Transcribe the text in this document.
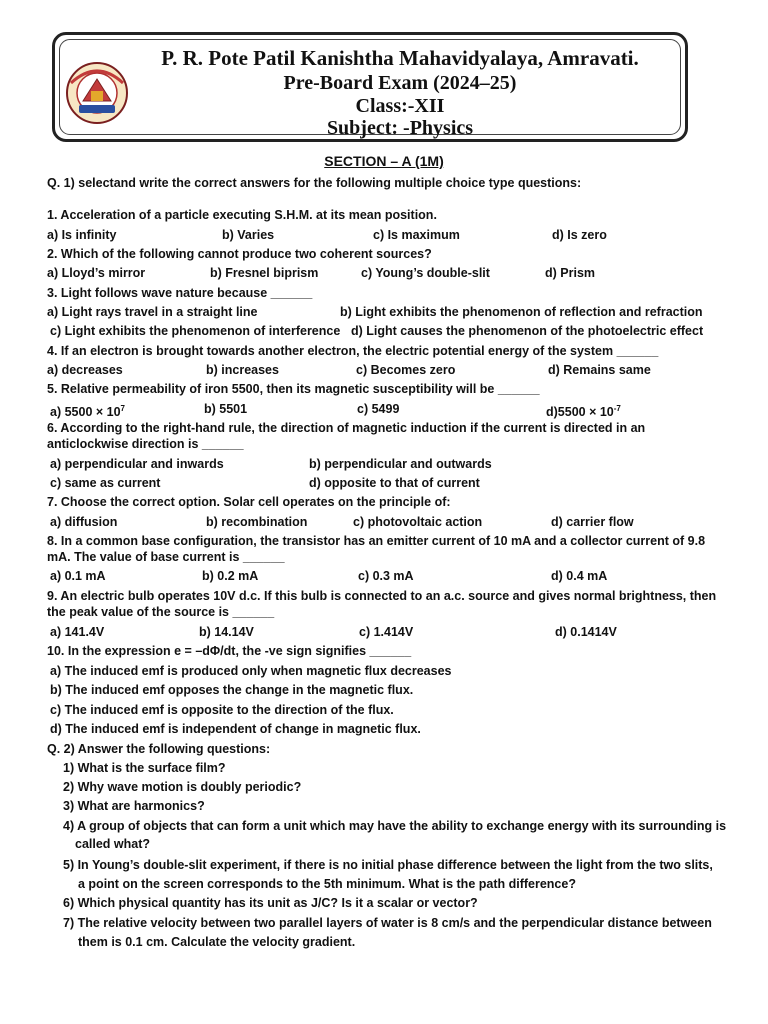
P. R. Pote Patil Kanishtha Mahavidyalaya, Amravati.
Pre-Board Exam (2024–25)
Class:-XII
Subject: -Physics
SECTION – A (1M)
Q. 1) selectand write the correct answers for the following multiple choice type questions:
1. Acceleration of a particle executing S.H.M. at its mean position.
a) Is infinity	b) Varies	c) Is maximum	d) Is zero
2. Which of the following cannot produce two coherent sources?
a) Lloyd’s mirror	b) Fresnel biprism	c) Young’s double-slit	d) Prism
3. Light follows wave nature because ______
a) Light rays travel in a straight line	b) Light exhibits the phenomenon of reflection and refraction
c) Light exhibits the phenomenon of interference d) Light causes the phenomenon of the photoelectric effect
4. If an electron is brought towards another electron, the electric potential energy of the system ______
a) decreases	b) increases	c) Becomes zero	d) Remains same
5. Relative permeability of iron 5500, then its magnetic susceptibility will be ______
a) $5500 \times 10^7$	b) 5501	c) 5499	$d)5500 \times 10^{-7}$
6. According to the right-hand rule, the direction of magnetic induction if the current is directed in an
anticlockwise direction is ______
a) perpendicular and inwards	b) perpendicular and outwards
c) same as current	d) opposite to that of current
7. Choose the correct option. Solar cell operates on the principle of:
a) diffusion	b) recombination	c) photovoltaic action	d) carrier flow
8. In a common base configuration, the transistor has an emitter current of 10 mA and a collector current of 9.8
mA. The value of base current is ______
a) 0.1 mA	b) 0.2 mA	c) 0.3 mA	d) 0.4 mA
9. An electric bulb operates 10V d.c. If this bulb is connected to an a.c. source and gives normal brightness, then
the peak value of the source is ______
a) 141.4V	b) 14.14V	c) 1.414V	d) 0.1414V
10. In the expression e = –dΦ/dt, the -ve sign signifies ______
a) The induced emf is produced only when magnetic flux decreases
b) The induced emf opposes the change in the magnetic flux.
c) The induced emf is opposite to the direction of the flux.
d) The induced emf is independent of change in magnetic flux.
Q. 2) Answer the following questions:
1) What is the surface film?
2) Why wave motion is doubly periodic?
3) What are harmonics?
4) A group of objects that can form a unit which may have the ability to exchange energy with its surrounding is
called what?
5) In Young’s double-slit experiment, if there is no initial phase difference between the light from the two slits,
a point on the screen corresponds to the 5th minimum. What is the path difference?
6) Which physical quantity has its unit as J/C? Is it a scalar or vector?
7) The relative velocity between two parallel layers of water is 8 cm/s and the perpendicular distance between
them is 0.1 cm. Calculate the velocity gradient.
